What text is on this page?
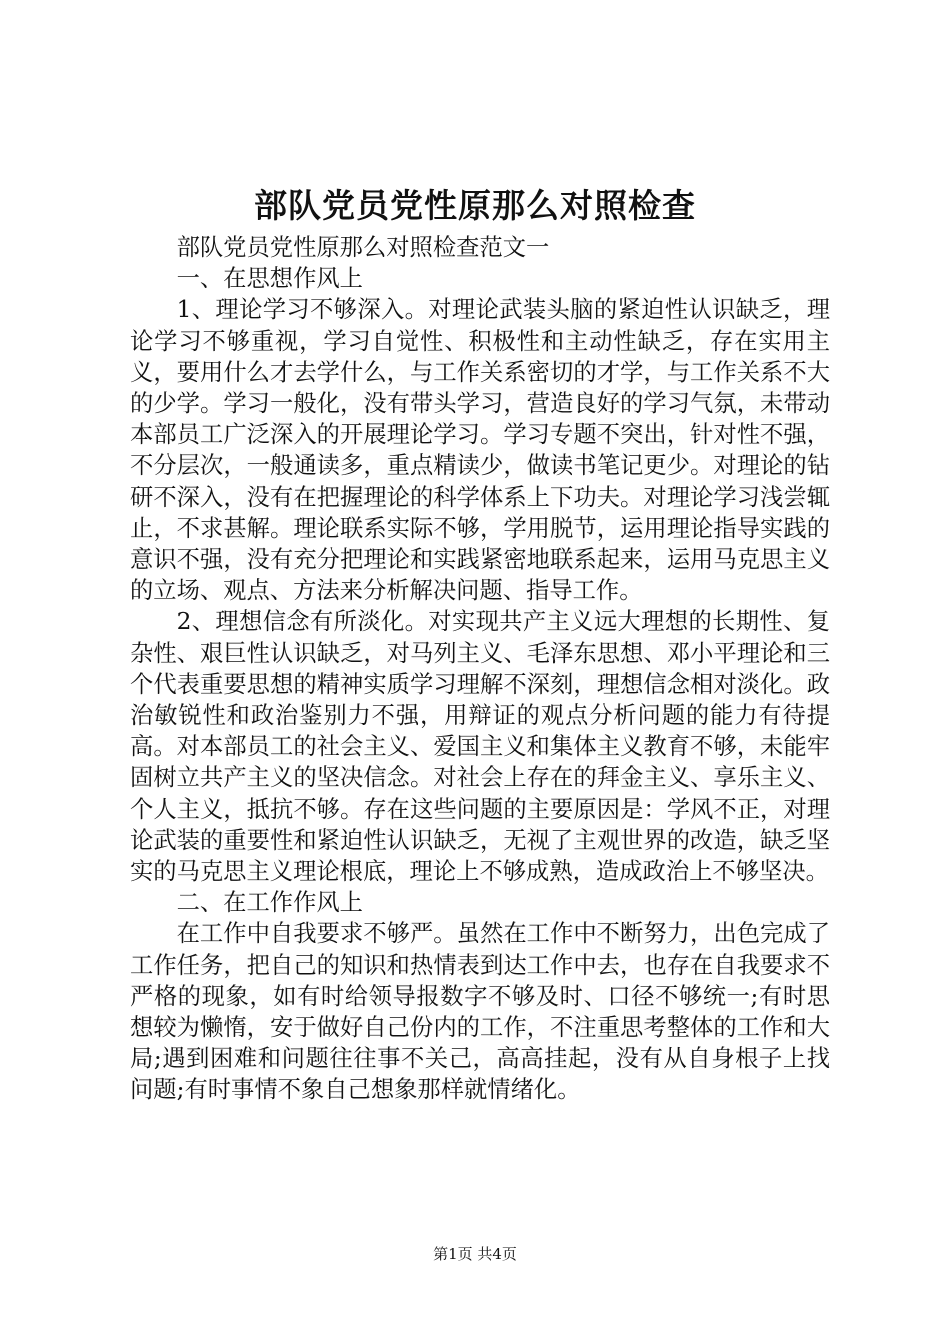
部队党员党性原那么对照检查

部队党员党性原那么对照检查范文一

一、在思想作风上

1、理论学习不够深入。对理论武装头脑的紧迫性认识缺乏，理论学习不够重视，学习自觉性、积极性和主动性缺乏，存在实用主义，要用什么才去学什么，与工作关系密切的才学，与工作关系不大的少学。学习一般化，没有带头学习，营造良好的学习气氛，未带动本部员工广泛深入的开展理论学习。学习专题不突出，针对性不强，不分层次，一般通读多，重点精读少，做读书笔记更少。对理论的钻研不深入，没有在把握理论的科学体系上下功夫。对理论学习浅尝辄止，不求甚解。理论联系实际不够，学用脱节，运用理论指导实践的意识不强，没有充分把理论和实践紧密地联系起来，运用马克思主义的立场、观点、方法来分析解决问题、指导工作。

2、理想信念有所淡化。对实现共产主义远大理想的长期性、复杂性、艰巨性认识缺乏，对马列主义、毛泽东思想、邓小平理论和三个代表重要思想的精神实质学习理解不深刻，理想信念相对淡化。政治敏锐性和政治鉴别力不强，用辩证的观点分析问题的能力有待提高。对本部员工的社会主义、爱国主义和集体主义教育不够，未能牢固树立共产主义的坚决信念。对社会上存在的拜金主义、享乐主义、个人主义，抵抗不够。存在这些问题的主要原因是：学风不正，对理论武装的重要性和紧迫性认识缺乏，无视了主观世界的改造，缺乏坚实的马克思主义理论根底，理论上不够成熟，造成政治上不够坚决。

二、在工作作风上

在工作中自我要求不够严。虽然在工作中不断努力，出色完成了工作任务，把自己的知识和热情表到达工作中去，也存在自我要求不严格的现象，如有时给领导报数字不够及时、口径不够统一;有时思想较为懒惰，安于做好自己份内的工作，不注重思考整体的工作和大局;遇到困难和问题往往事不关己，高高挂起，没有从自身根子上找问题;有时事情不象自己想象那样就情绪化。

第1页 共4页
